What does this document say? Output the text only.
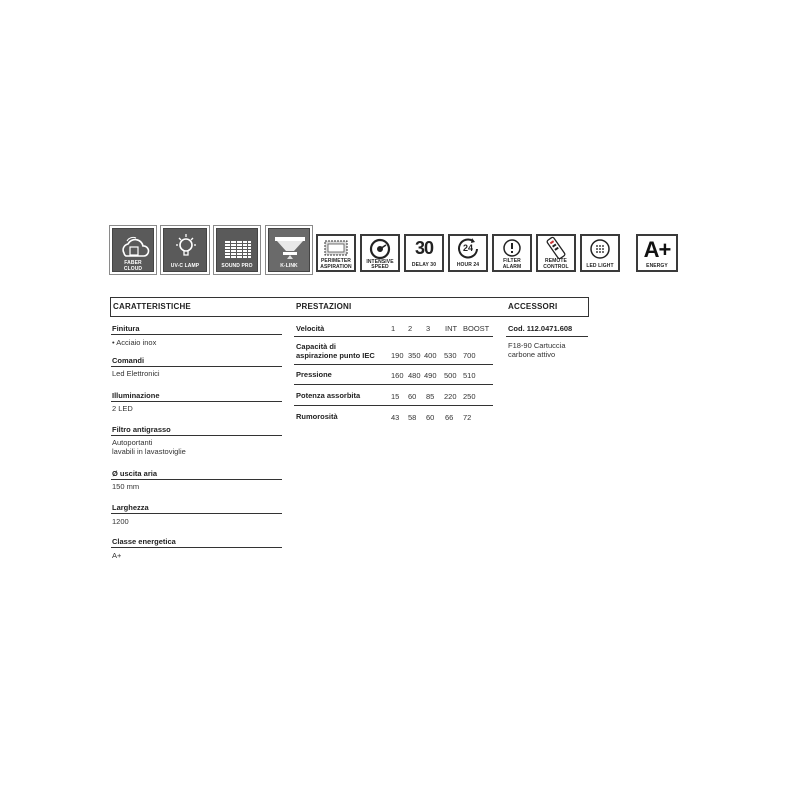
FABER
CLOUD	UV-C LAMP	SOUND PRO	K-LINK
PERIMETER
ASPIRATION
INTENSIVE
SPEED
30
DELAY 30
24
HOUR 24
FILTER
ALARM
REMOTE
CONTROL	LED LIGHT
A+
ENERGY
CARATTERISTICHE	PRESTAZIONI	ACCESSORI
Finitura
• Acciaio inox
Comandi
Led Elettronici
Illuminazione
2 LED
Filtro antigrasso
Autoportanti
lavabili in lavastoviglie
Ø uscita aria
150 mm
Larghezza
1200
Classe energetica
A+
Velocità	1 2 3 INT BOOST
Capacità di
aspirazione punto IEC 190 350 400 530 700
Pressione	160 480 490 500 510
Potenza assorbita	15 60 85 220 250
Rumorosità	43 58 60 66 72
Cod. 112.0471.608
F18-90 Cartuccia
carbone attivo
